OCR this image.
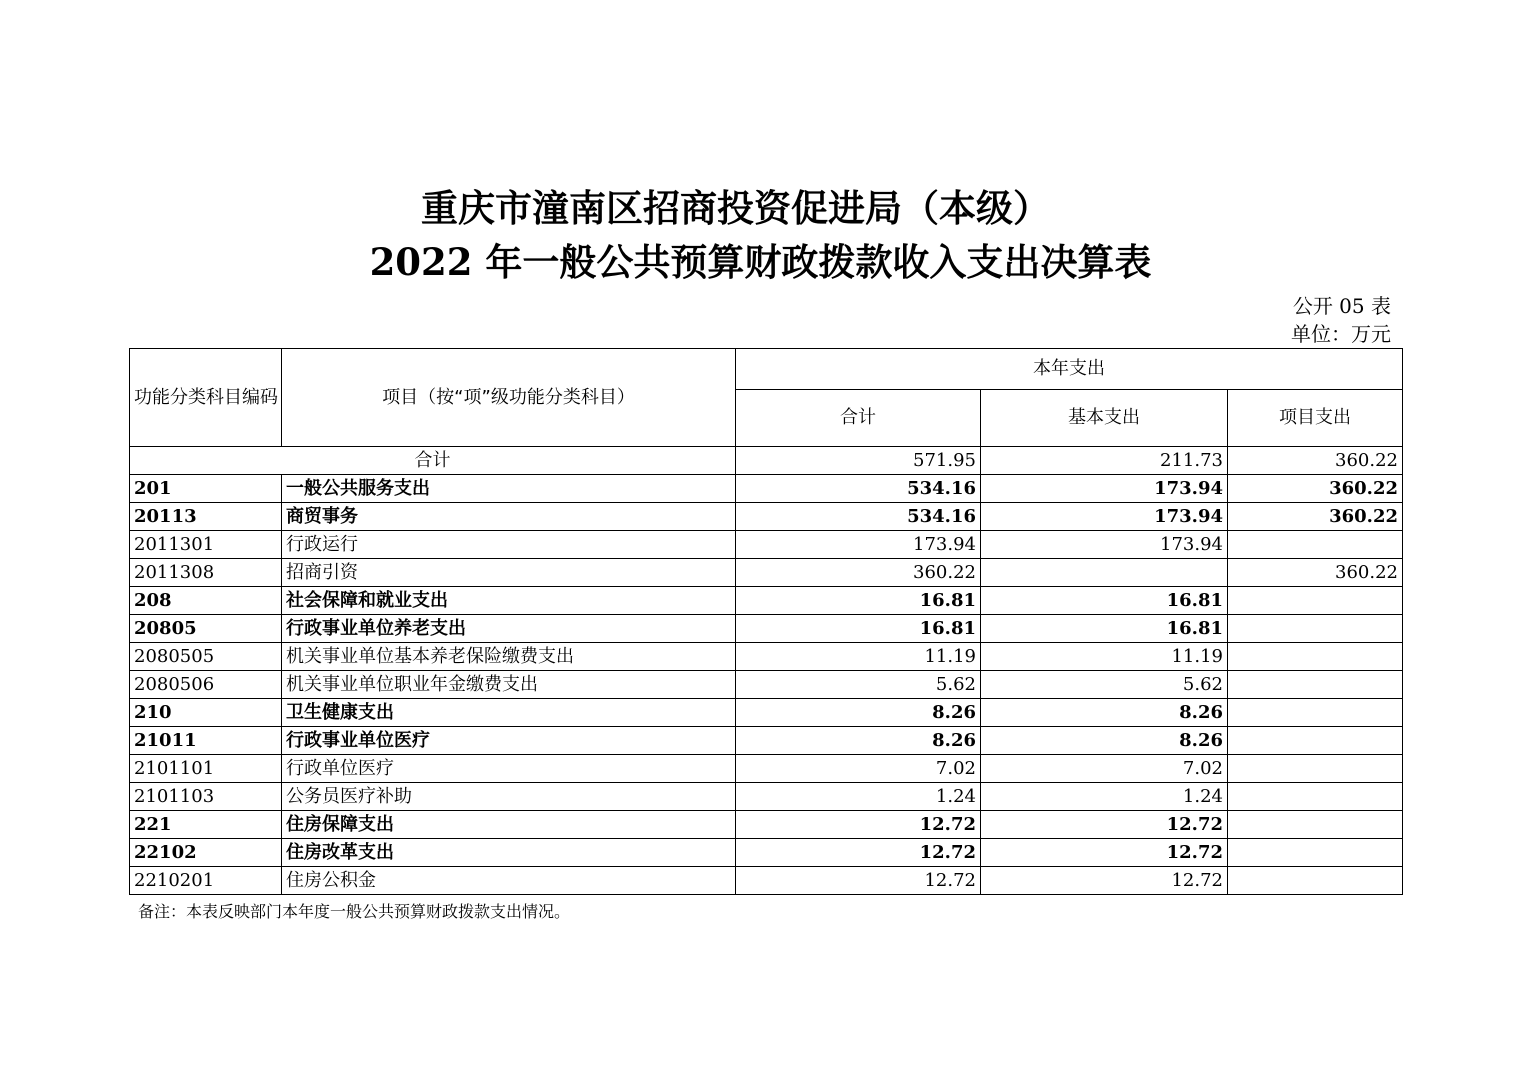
重庆市潼南区招商投资促进局（本级）
2022 年一般公共预算财政拨款收入支出决算表
公开 05 表
单位：万元
功能分类科目编码	项目（按“项”级功能分类科目）	本年支出		
		合计	基本支出	项目支出
合计		571.95	211.73	360.22
201	一般公共服务支出	534.16	173.94	360.22
20113	商贸事务	534.16	173.94	360.22
2011301	行政运行	173.94	173.94	
2011308	招商引资	360.22		360.22
208	社会保障和就业支出	16.81	16.81	
20805	行政事业单位养老支出	16.81	16.81	
2080505	机关事业单位基本养老保险缴费支出	11.19	11.19	
2080506	机关事业单位职业年金缴费支出	5.62	5.62	
210	卫生健康支出	8.26	8.26	
21011	行政事业单位医疗	8.26	8.26	
2101101	行政单位医疗	7.02	7.02	
2101103	公务员医疗补助	1.24	1.24	
221	住房保障支出	12.72	12.72	
22102	住房改革支出	12.72	12.72	
2210201	住房公积金	12.72	12.72	
备注：本表反映部门本年度一般公共预算财政拨款支出情况。
